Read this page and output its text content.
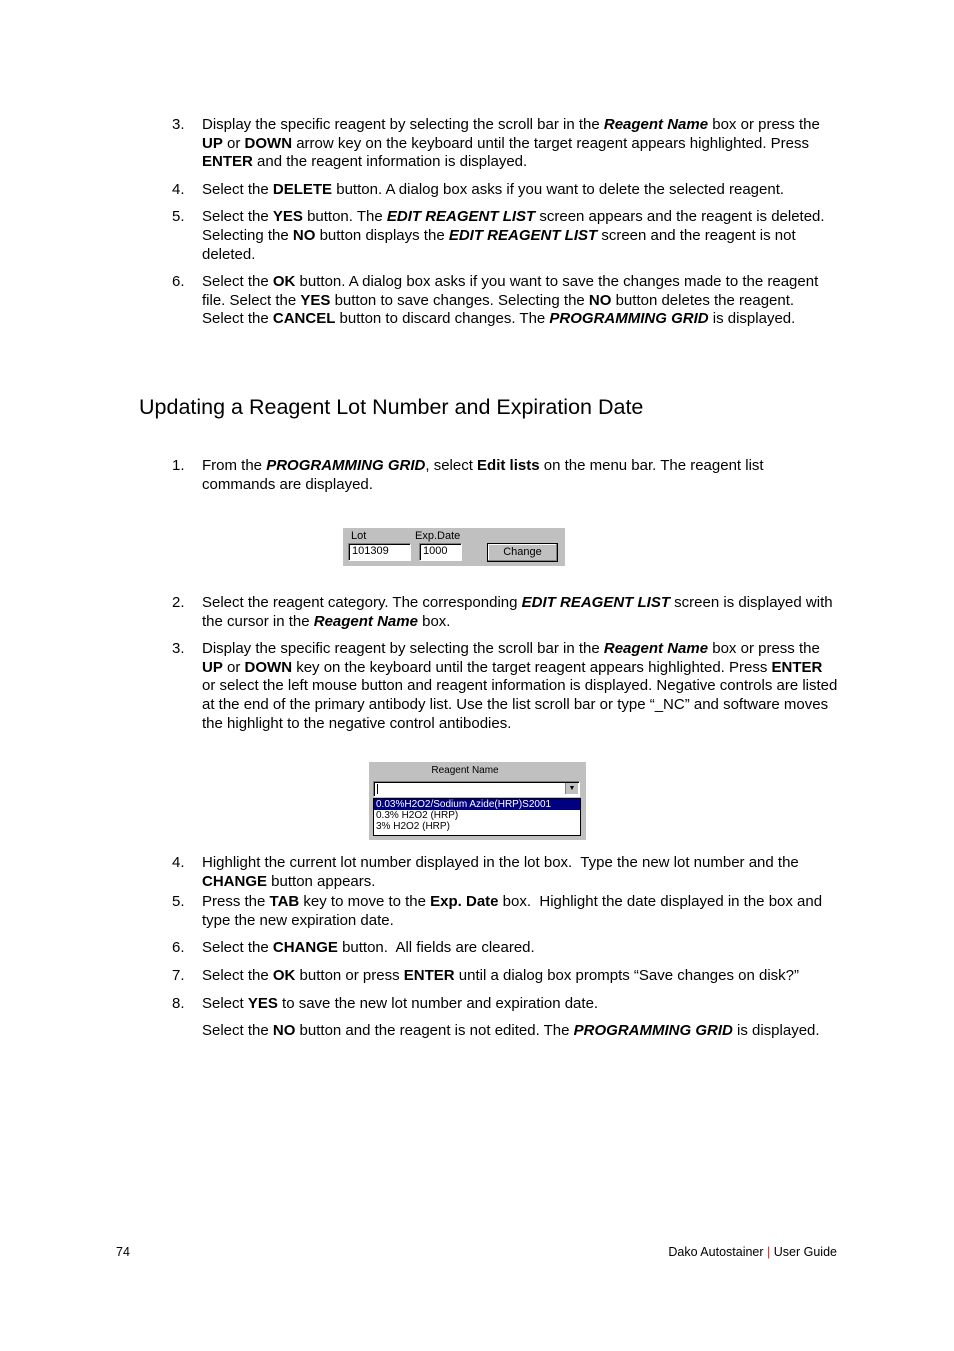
3.	Display the specific reagent by selecting the scroll bar in the Reagent Name box or press the UP or DOWN arrow key on the keyboard until the target reagent appears highlighted. Press ENTER and the reagent information is displayed.
4.	Select the DELETE button. A dialog box asks if you want to delete the selected reagent.
5.	Select the YES button. The EDIT REAGENT LIST screen appears and the reagent is deleted. Selecting the NO button displays the EDIT REAGENT LIST screen and the reagent is not deleted.
6.	Select the OK button. A dialog box asks if you want to save the changes made to the reagent file. Select the YES button to save changes. Selecting the NO button deletes the reagent. Select the CANCEL button to discard changes. The PROGRAMMING GRID is displayed.
Updating a Reagent Lot Number and Expiration Date
1.	From the PROGRAMMING GRID, select Edit lists on the menu bar. The reagent list commands are displayed.
Lot	Exp.Date
101309	1000	Change
2.	Select the reagent category. The corresponding EDIT REAGENT LIST screen is displayed with the cursor in the Reagent Name box.
3.	Display the specific reagent by selecting the scroll bar in the Reagent Name box or press the UP or DOWN key on the keyboard until the target reagent appears highlighted. Press ENTER or select the left mouse button and reagent information is displayed. Negative controls are listed at the end of the primary antibody list. Use the list scroll bar or type “_NC” and software moves the highlight to the negative control antibodies.
Reagent Name
▼
0.03%H2O2/Sodium Azide(HRP)S2001
0.3% H2O2 (HRP)
3% H2O2 (HRP)
4.	Highlight the current lot number displayed in the lot box.  Type the new lot number and the CHANGE button appears.
5.	Press the TAB key to move to the Exp. Date box.  Highlight the date displayed in the box and type the new expiration date.
6.	Select the CHANGE button.  All fields are cleared.
7.	Select the OK button or press ENTER until a dialog box prompts “Save changes on disk?”
8.	Select YES to save the new lot number and expiration date.
Select the NO button and the reagent is not edited. The PROGRAMMING GRID is displayed.
74	Dako Autostainer | User Guide
